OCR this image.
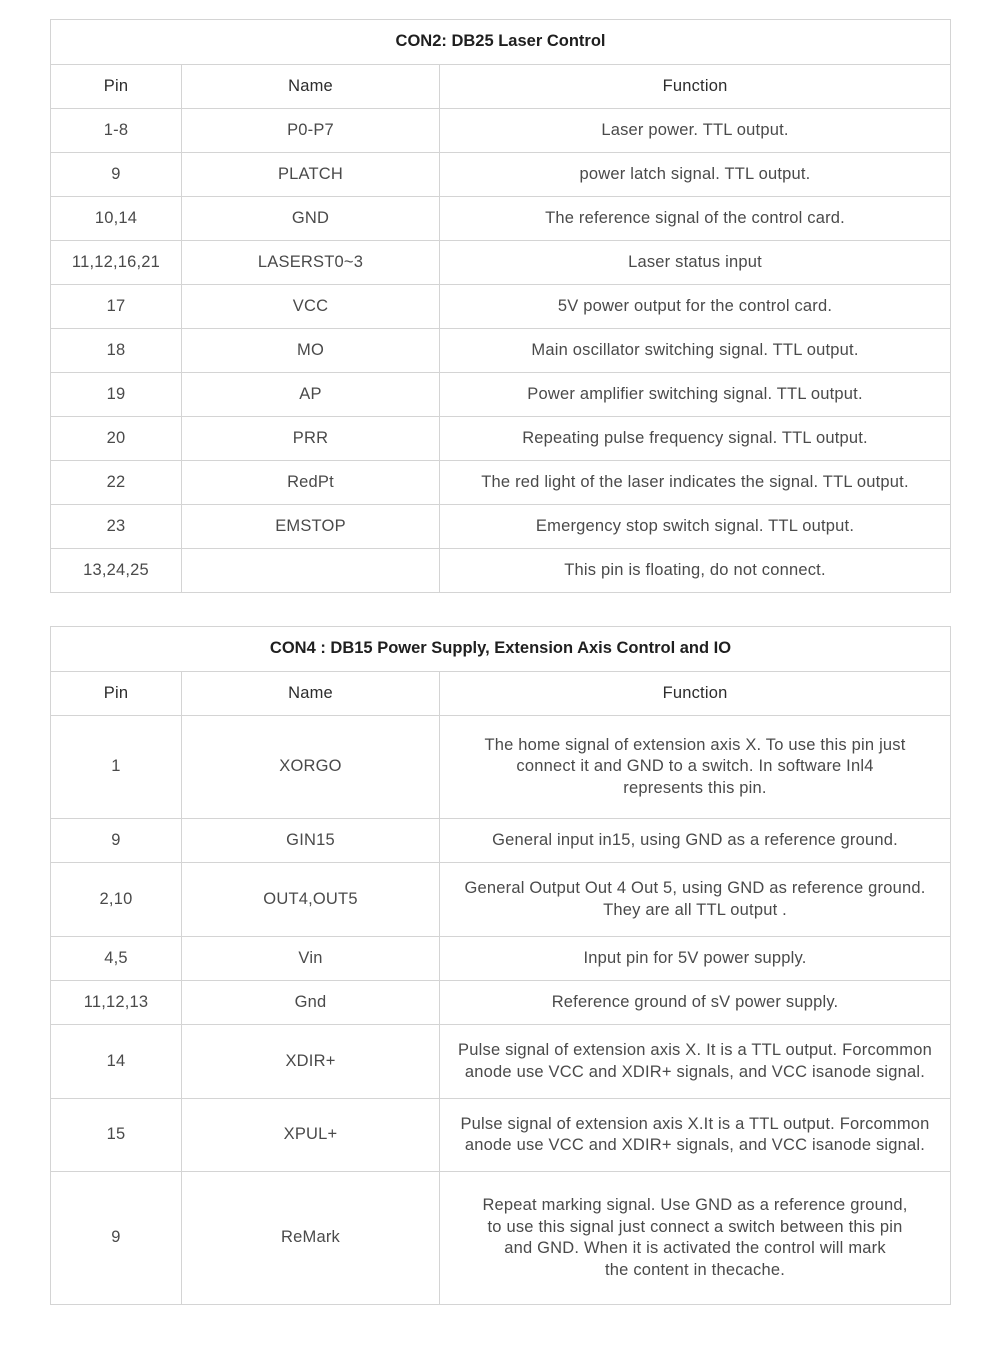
CON2: DB25 Laser Control		
Pin	Name	Function
1-8	P0-P7	Laser power. TTL output.
9	PLATCH	power latch signal. TTL output.
10,14	GND	The reference signal of the control card.
11,12,16,21	LASERST0~3	Laser status input
17	VCC	5V power output for the control card.
18	MO	Main oscillator switching signal. TTL output.
19	AP	Power amplifier switching signal. TTL output.
20	PRR	Repeating pulse frequency signal. TTL output.
22	RedPt	The red light of the laser indicates the signal. TTL output.
23	EMSTOP	Emergency stop switch signal. TTL output.
13,24,25		This pin is floating, do not connect.
CON4 : DB15 Power Supply, Extension Axis Control and IO		
Pin	Name	Function
1	XORGO	The home signal of extension axis X. To use this pin just
connect it and GND to a switch. In software Inl4
represents this pin.

9	GIN15	General input in15, using GND as a reference ground.

2,10	OUT4,OUT5	General Output Out 4 Out 5, using GND as reference ground.
They are all TTL output .

4,5	Vin	Input pin for 5V power supply.

11,12,13	Gnd	Reference ground of sV power supply.

14	XDIR+	Pulse signal of extension axis X. It is a TTL output. Forcommon
anode use VCC and XDIR+ signals, and VCC isanode signal.

15	XPUL+	Pulse signal of extension axis X.It is a TTL output. Forcommon
anode use VCC and XDIR+ signals, and VCC isanode signal.

9	ReMark	Repeat marking signal. Use GND as a reference ground,
to use this signal just connect a switch between this pin
and GND. When it is activated the control will mark
the content in thecache.
